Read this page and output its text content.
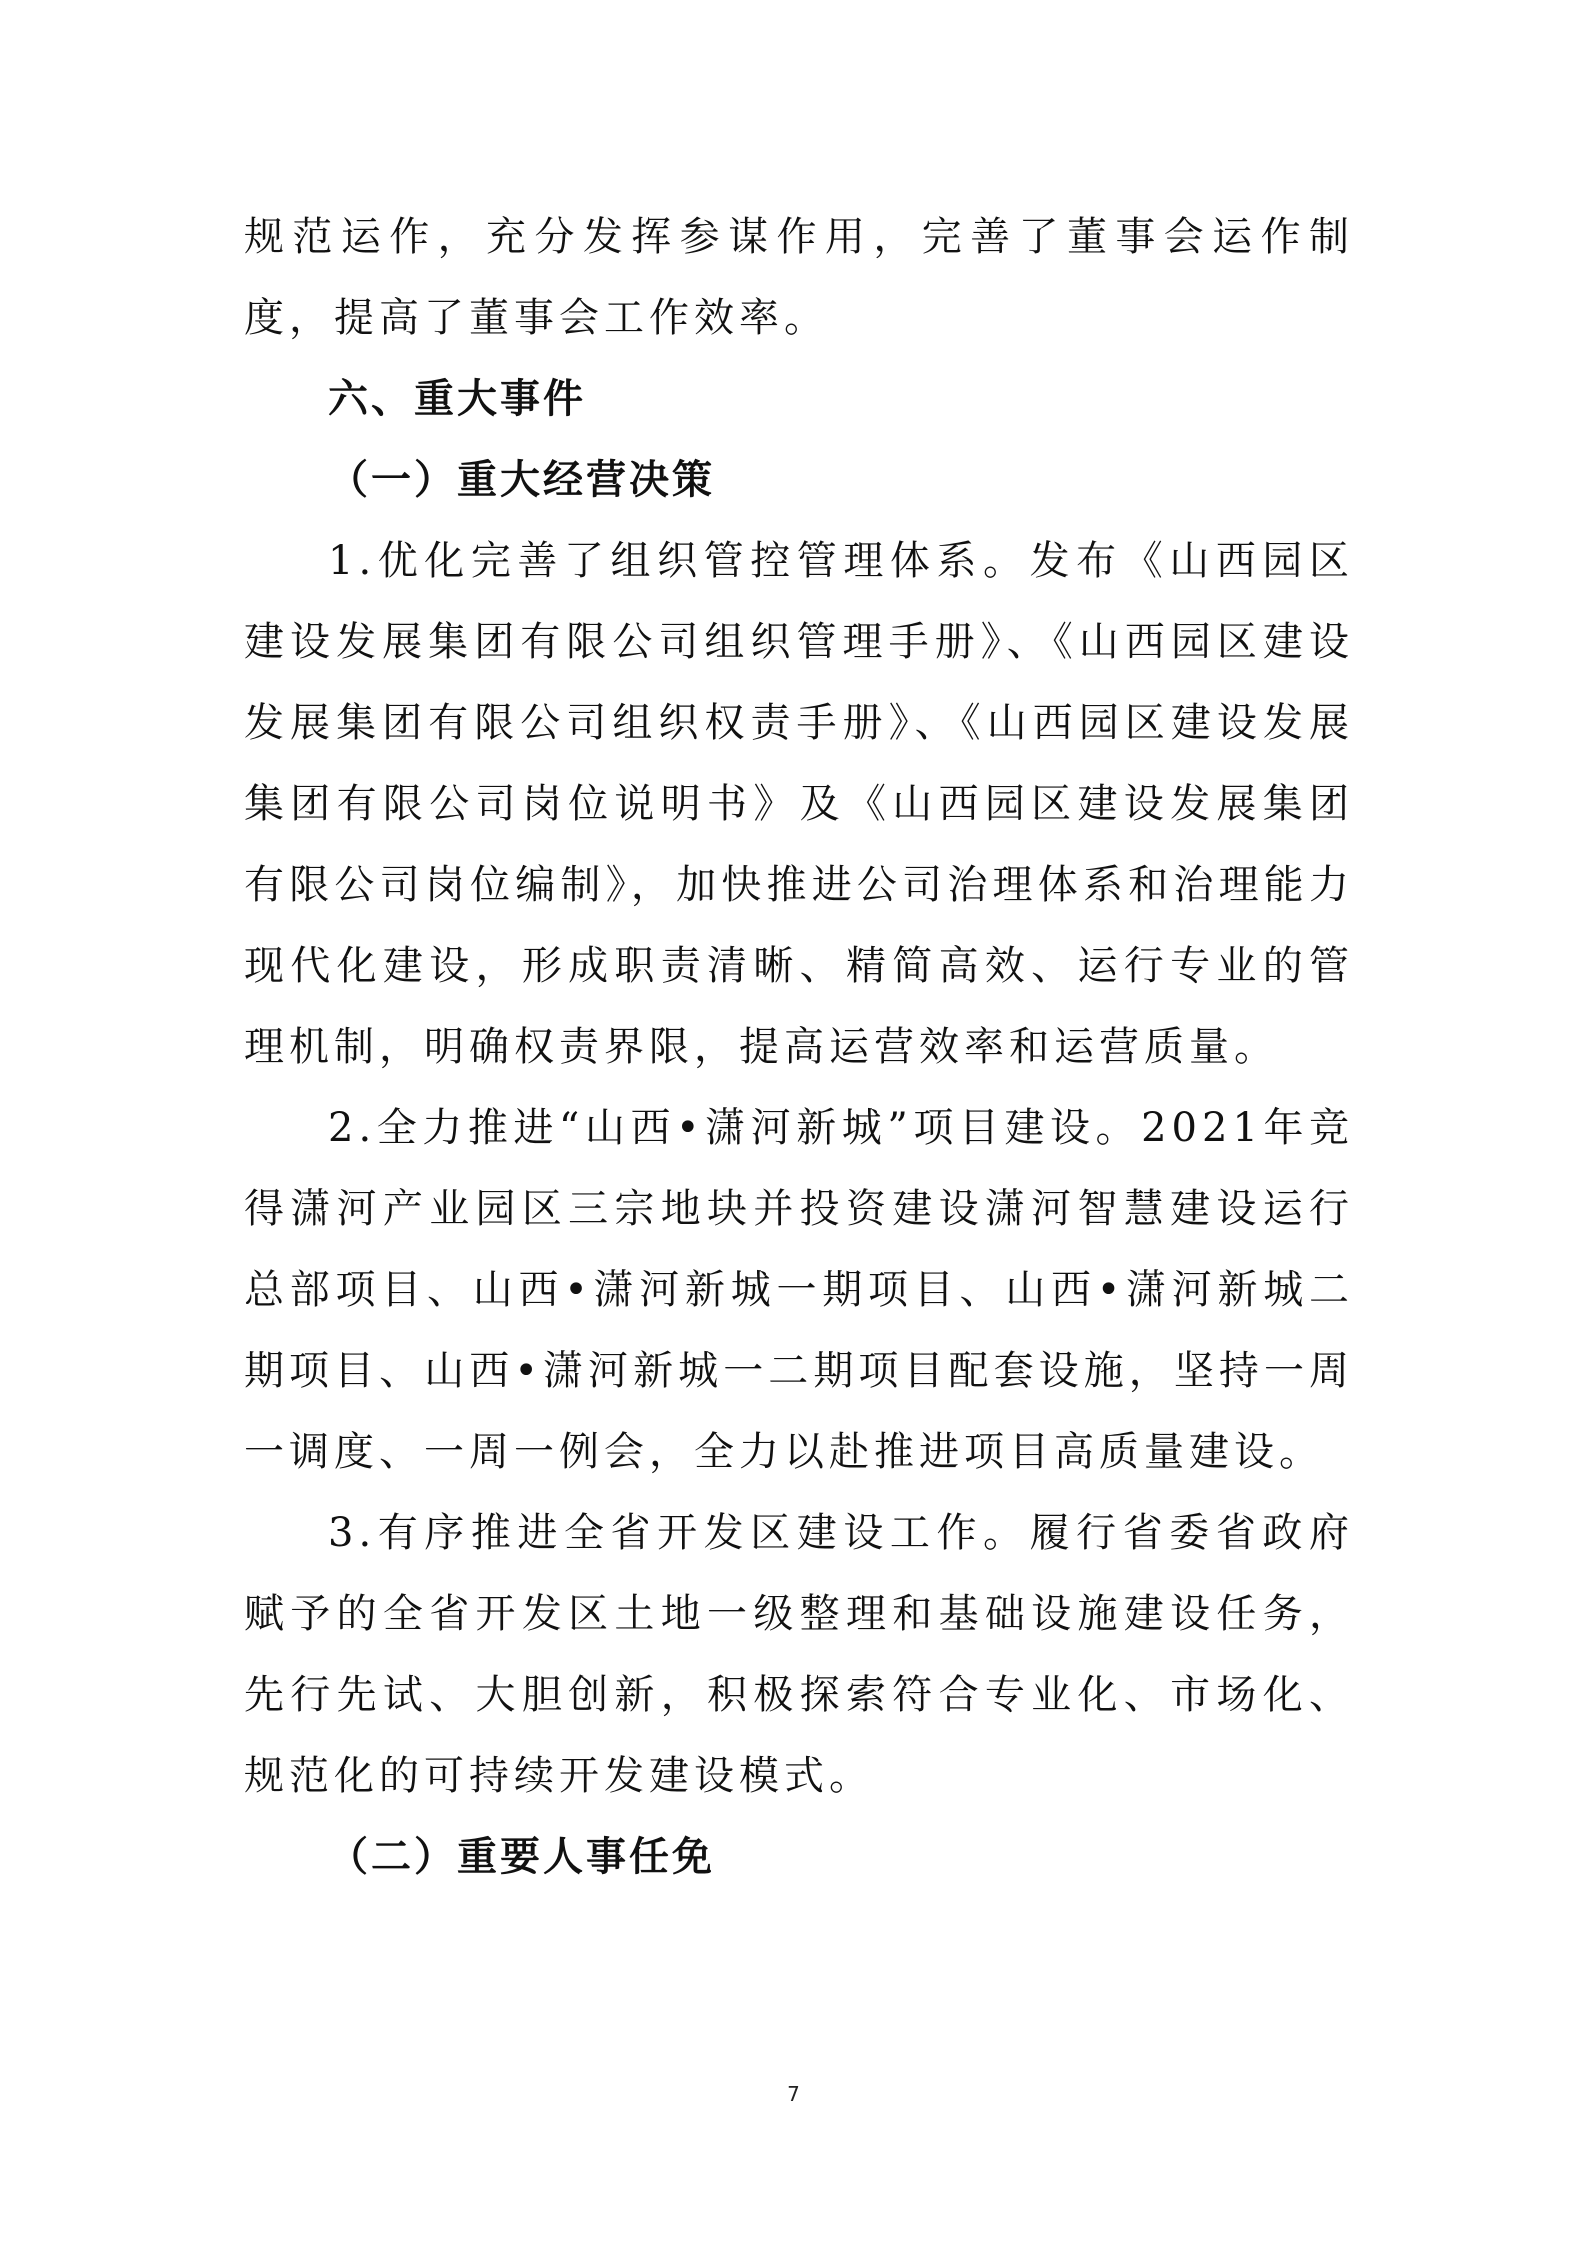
规范运作，充分发挥参谋作用，完善了董事会运作制度，提高了董事会工作效率。

六、重大事件

（一）重大经营决策

1.优化完善了组织管控管理体系。发布《山西园区建设发展集团有限公司组织管理手册》、《山西园区建设发展集团有限公司组织权责手册》、《山西园区建设发展集团有限公司岗位说明书》及《山西园区建设发展集团有限公司岗位编制》，加快推进公司治理体系和治理能力现代化建设，形成职责清晰、精简高效、运行专业的管理机制，明确权责界限，提高运营效率和运营质量。

2.全力推进“山西•潇河新城”项目建设。2021年竞得潇河产业园区三宗地块并投资建设潇河智慧建设运行总部项目、山西•潇河新城一期项目、山西•潇河新城二期项目、山西•潇河新城一二期项目配套设施，坚持一周一调度、一周一例会，全力以赴推进项目高质量建设。

3.有序推进全省开发区建设工作。履行省委省政府赋予的全省开发区土地一级整理和基础设施建设任务，先行先试、大胆创新，积极探索符合专业化、市场化、规范化的可持续开发建设模式。

（二）重要人事任免

7
